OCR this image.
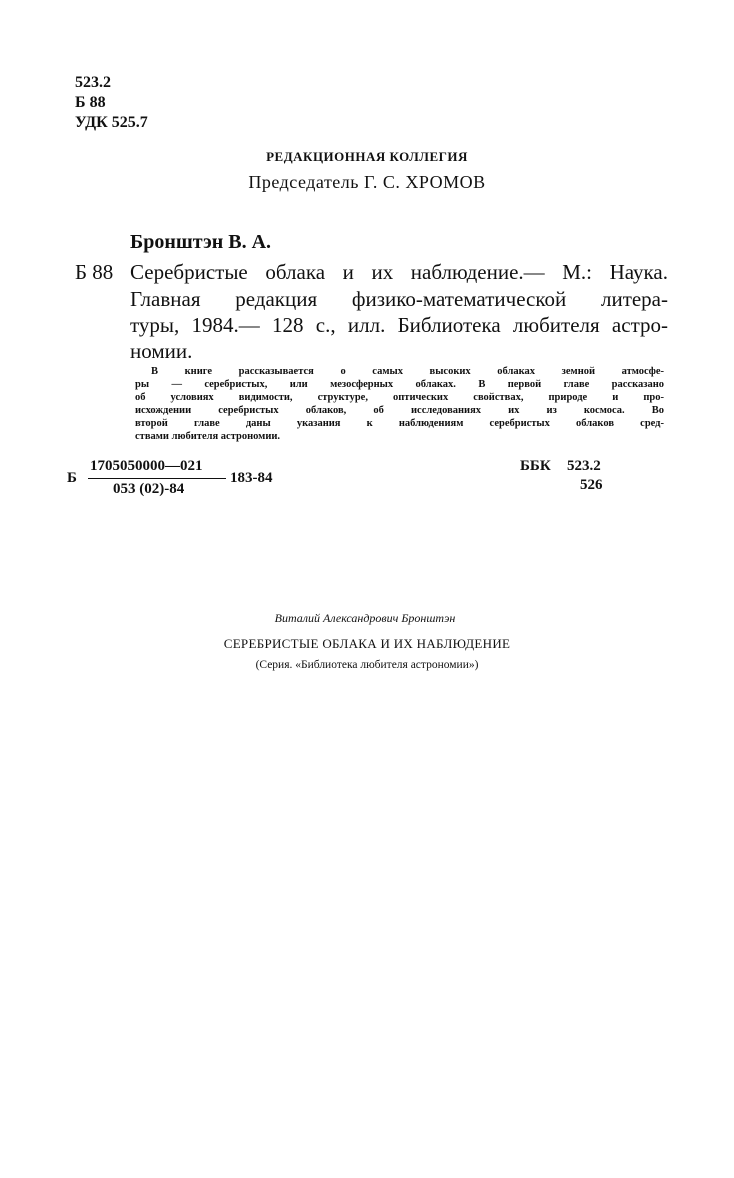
523.2
Б 88
УДК 525.7
РЕДАКЦИОННАЯ КОЛЛЕГИЯ
Председатель Г. С. ХРОМОВ
Бронштэн В. А.
Б 88 Серебристые облака и их наблюдение.— М.: Наука.
Главная редакция физико-математической литера-
туры, 1984.— 128 с., илл. Библиотека любителя астро-
номии.
В книге рассказывается о самых высоких облаках земной атмосфе-
ры — серебристых, или мезосферных облаках. В первой главе рассказано
об условиях видимости, структуре, оптических свойствах, природе и про-
исхождении серебристых облаков, об исследованиях их из космоса. Во
второй главе даны указания к наблюдениям серебристых облаков сред-
ствами любителя астрономии.
Б
1705050000—021
053 (02)-84
183-84
ББК 523.2
526
Виталий Александрович Бронштэн
СЕРЕБРИСТЫЕ ОБЛАКА И ИХ НАБЛЮДЕНИЕ
(Серия. «Библиотека любителя астрономии»)
